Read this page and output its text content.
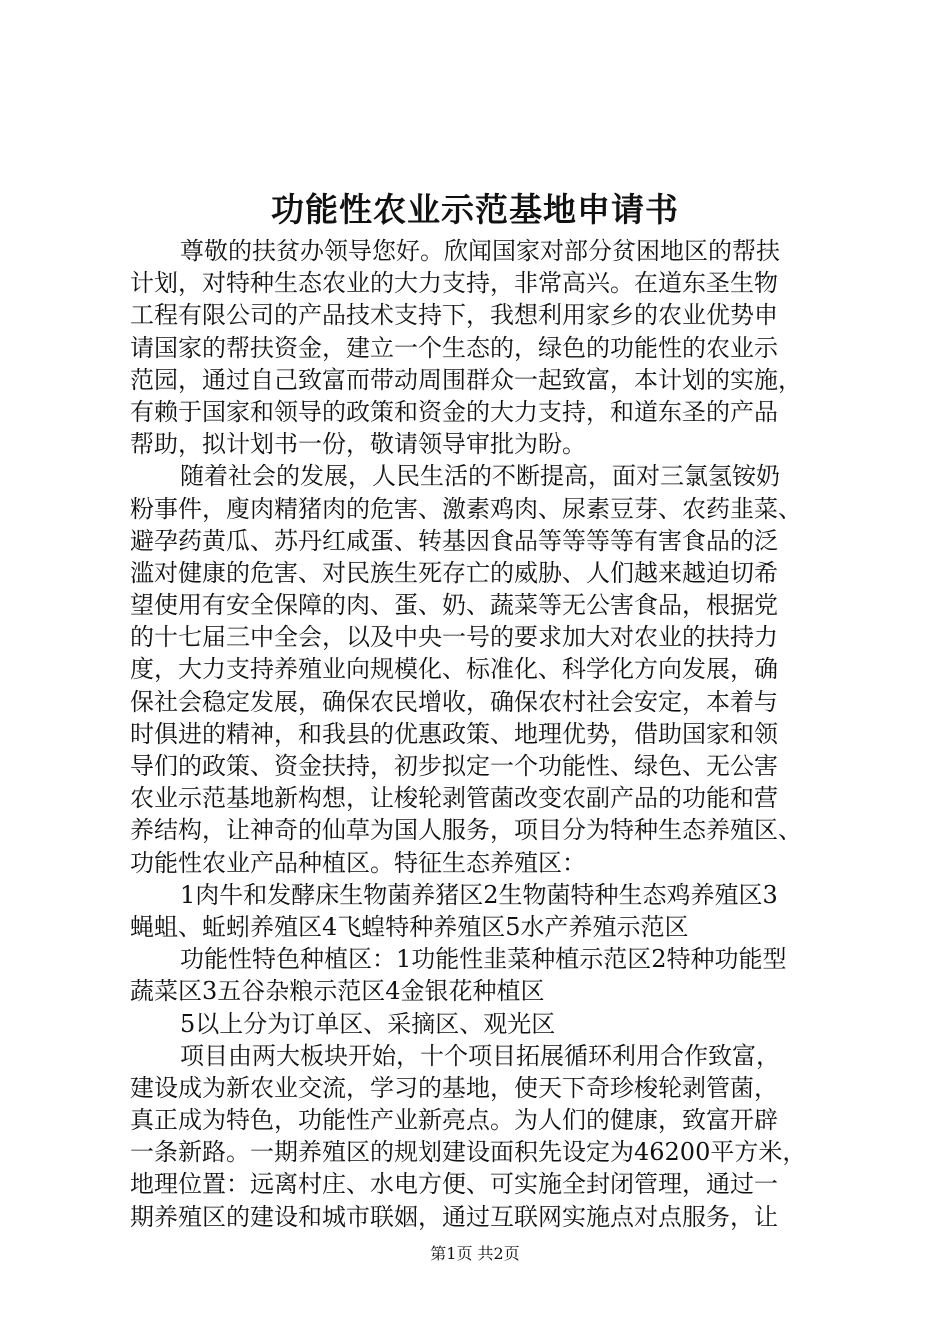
功能性农业示范基地申请书
尊敬的扶贫办领导您好。欣闻国家对部分贫困地区的帮扶
计划，对特种生态农业的大力支持，非常高兴。在道东圣生物
工程有限公司的产品技术支持下，我想利用家乡的农业优势申
请国家的帮扶资金，建立一个生态的，绿色的功能性的农业示
范园，通过自己致富而带动周围群众一起致富，本计划的实施，
有赖于国家和领导的政策和资金的大力支持，和道东圣的产品
帮助，拟计划书一份，敬请领导审批为盼。
随着社会的发展，人民生活的不断提高，面对三氯氢铵奶
粉事件，廋肉精猪肉的危害、激素鸡肉、尿素豆芽、农药韭菜、
避孕药黄瓜、苏丹红咸蛋、转基因食品等等等等有害食品的泛
滥对健康的危害、对民族生死存亡的威胁、人们越来越迫切希
望使用有安全保障的肉、蛋、奶、蔬菜等无公害食品，根据党
的十七届三中全会，以及中央一号的要求加大对农业的扶持力
度，大力支持养殖业向规模化、标准化、科学化方向发展，确
保社会稳定发展，确保农民增收，确保农村社会安定，本着与
时俱进的精神，和我县的优惠政策、地理优势，借助国家和领
导们的政策、资金扶持，初步拟定一个功能性、绿色、无公害
农业示范基地新构想，让梭轮剥管菌改变农副产品的功能和营
养结构，让神奇的仙草为国人服务，项目分为特种生态养殖区、
功能性农业产品种植区。特征生态养殖区：
1肉牛和发酵床生物菌养猪区2生物菌特种生态鸡养殖区3
蝇蛆、蚯蚓养殖区4飞蝗特种养殖区5水产养殖示范区
功能性特色种植区：1功能性韭菜种植示范区2特种功能型
蔬菜区3五谷杂粮示范区4金银花种植区
5以上分为订单区、采摘区、观光区
项目由两大板块开始，十个项目拓展循环利用合作致富，
建设成为新农业交流，学习的基地，使天下奇珍梭轮剥管菌，
真正成为特色，功能性产业新亮点。为人们的健康，致富开辟
一条新路。一期养殖区的规划建设面积先设定为46200平方米，
地理位置：远离村庄、水电方便、可实施全封闭管理，通过一
期养殖区的建设和城市联姻，通过互联网实施点对点服务，让
第1页 共2页
